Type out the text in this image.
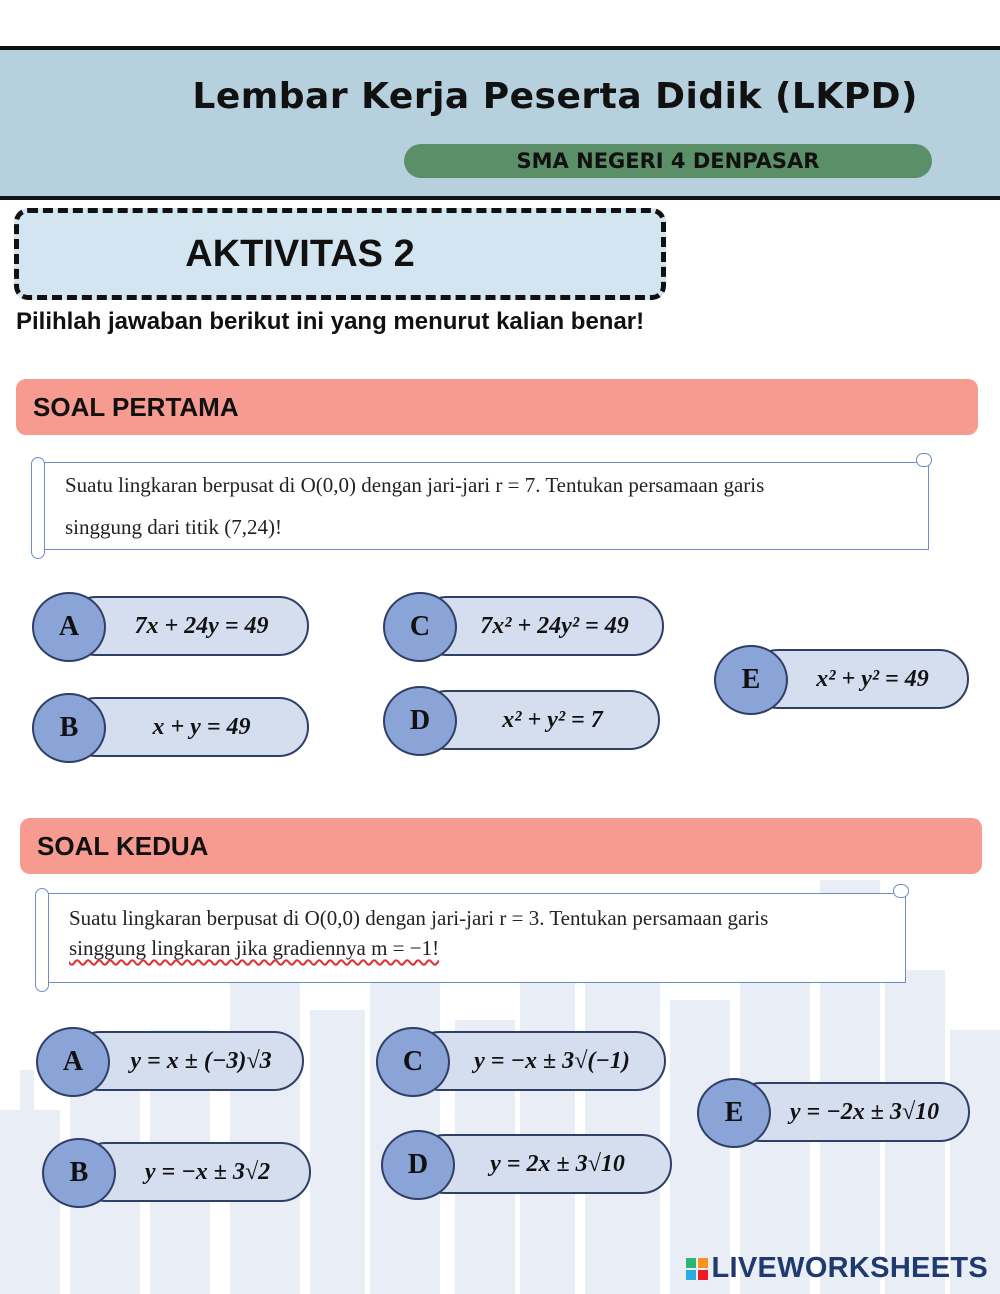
Lembar Kerja Peserta Didik (LKPD)
SMA NEGERI 4 DENPASAR
AKTIVITAS 2
Pilihlah jawaban berikut ini yang menurut kalian benar!
SOAL PERTAMA
Suatu lingkaran berpusat di O(0,0) dengan jari-jari r = 7. Tentukan persamaan garis
singgung dari titik (7,24)!
7x + 24y = 49
A
x + y = 49
B
7x² + 24y² = 49
C
x² + y² = 7
D
x² + y² = 49
E
SOAL KEDUA
Suatu lingkaran berpusat di O(0,0) dengan jari-jari r = 3. Tentukan persamaan garis
singgung lingkaran jika gradiennya m = −1!
y = x ± (−3)√3
A
y = −x ± 3√2
B
y = −x ± 3√(−1)
C
y = 2x ± 3√10
D
y = −2x ± 3√10
E
LIVEWORKSHEETS
